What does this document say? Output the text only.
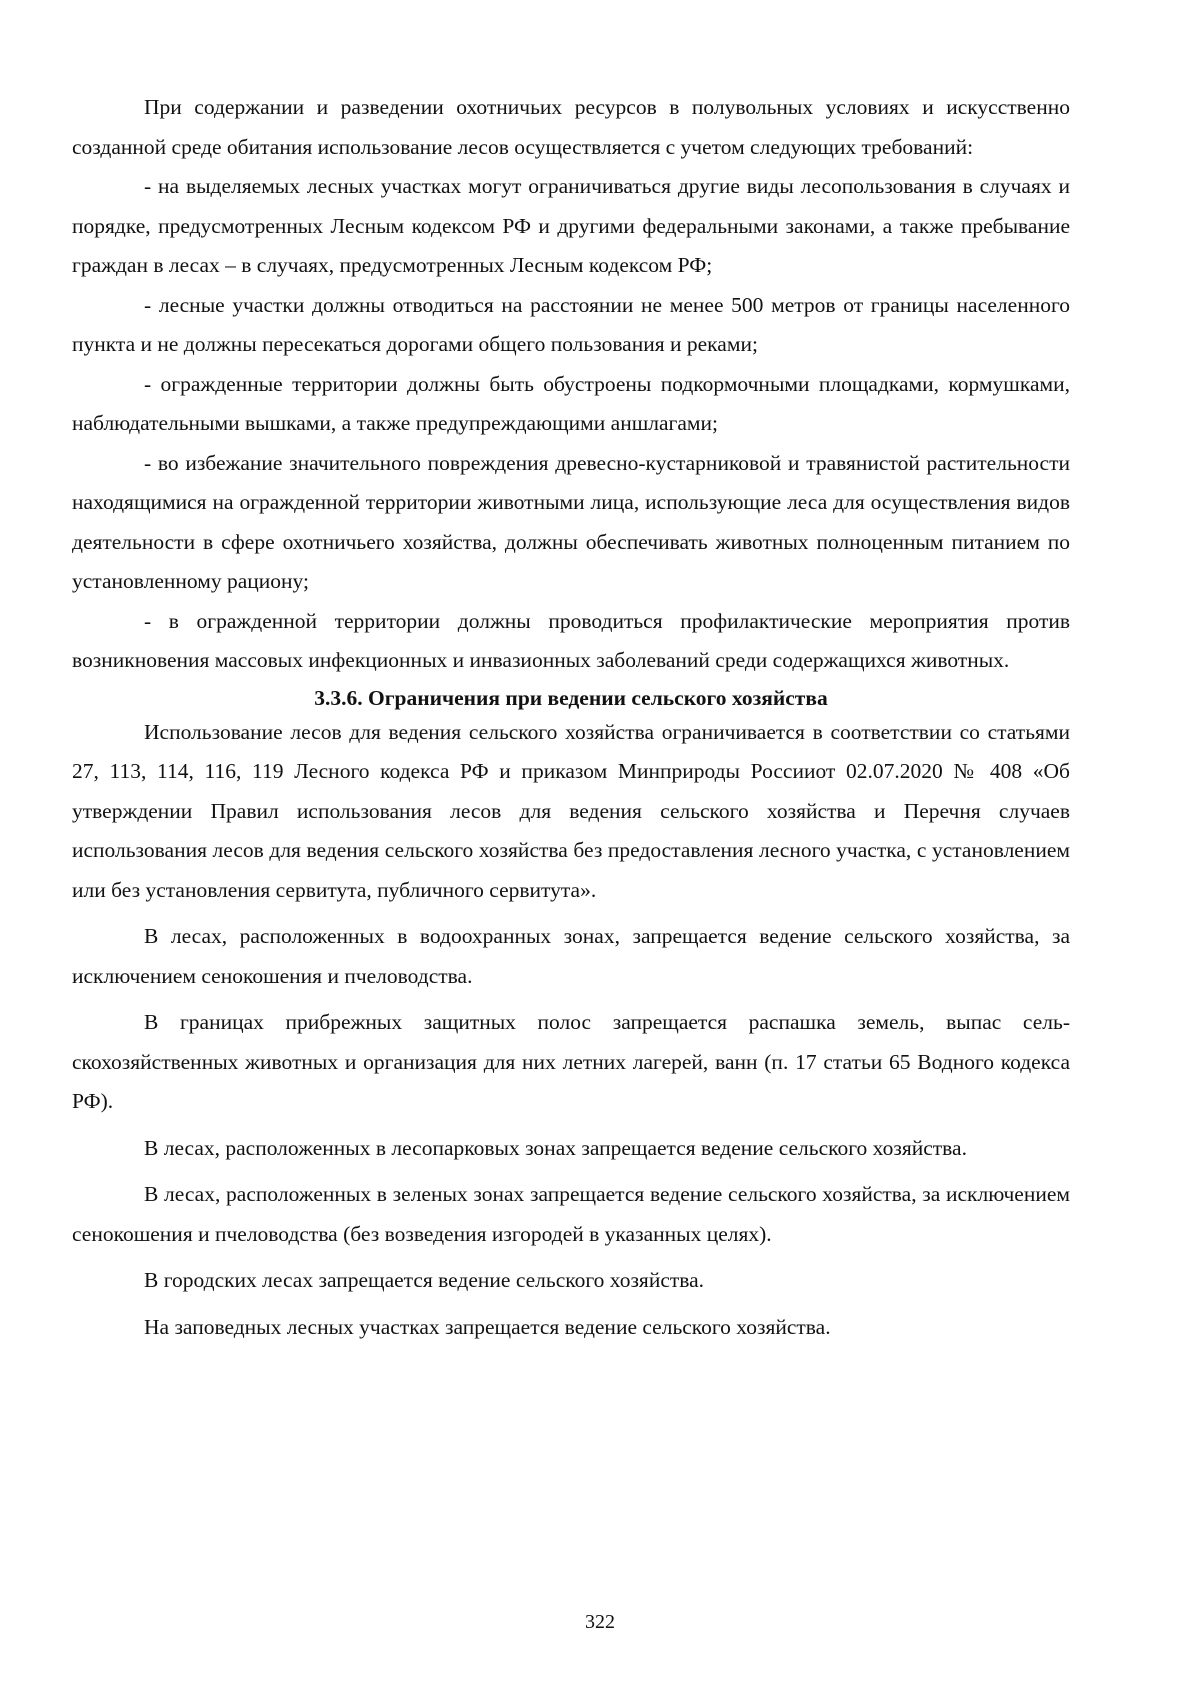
При содержании и разведении охотничьих ресурсов в полувольных условиях и искусственно созданной среде обитания использование лесов осуществляется с учетом следующих требований:

- на выделяемых лесных участках могут ограничиваться другие виды лесопользования в случаях и порядке, предусмотренных Лесным кодексом РФ и другими федеральными законами, а также пребывание граждан в лесах – в случаях, предусмотренных Лесным кодексом РФ;

- лесные участки должны отводиться на расстоянии не менее 500 метров от границы населенного пункта и не должны пересекаться дорогами общего пользования и реками;

- огражденные территории должны быть обустроены подкормочными площадками, кормушками, наблюдательными вышками, а также предупреждающими аншлагами;

- во избежание значительного повреждения древесно-кустарниковой и травянистой растительности находящимися на огражденной территории животными лица, использующие леса для осуществления видов деятельности в сфере охотничьего хозяйства, должны обеспечивать животных полноценным питанием по установленному рациону;

- в огражденной территории должны проводиться профилактические мероприятия против возникновения массовых инфекционных и инвазионных заболеваний среди содержащихся животных.

3.3.6. Ограничения при ведении сельского хозяйства

Использование лесов для ведения сельского хозяйства ограничивается в соответствии со статьями 27, 113, 114, 116, 119 Лесного кодекса РФ и приказом Минприроды Россииот 02.07.2020 № 408 «Об утверждении Правил использования лесов для ведения сельского хозяйства и Перечня случаев использования лесов для ведения сельского хозяйства без предоставления лесного участка, с установлением или без установления сервитута, публичного сервитута».

В лесах, расположенных в водоохранных зонах, запрещается ведение сельского хозяйства, за исключением сенокошения и пчеловодства.

В границах прибрежных защитных полос запрещается распашка земель, выпас сельскохозяйственных животных и организация для них летних лагерей, ванн (п. 17 статьи 65 Водного кодекса РФ).

В лесах, расположенных в лесопарковых зонах запрещается ведение сельского хозяйства.

В лесах, расположенных в зеленых зонах запрещается ведение сельского хозяйства, за исключением сенокошения и пчеловодства (без возведения изгородей в указанных целях).

В городских лесах запрещается ведение сельского хозяйства.

На заповедных лесных участках запрещается ведение сельского хозяйства.

322
